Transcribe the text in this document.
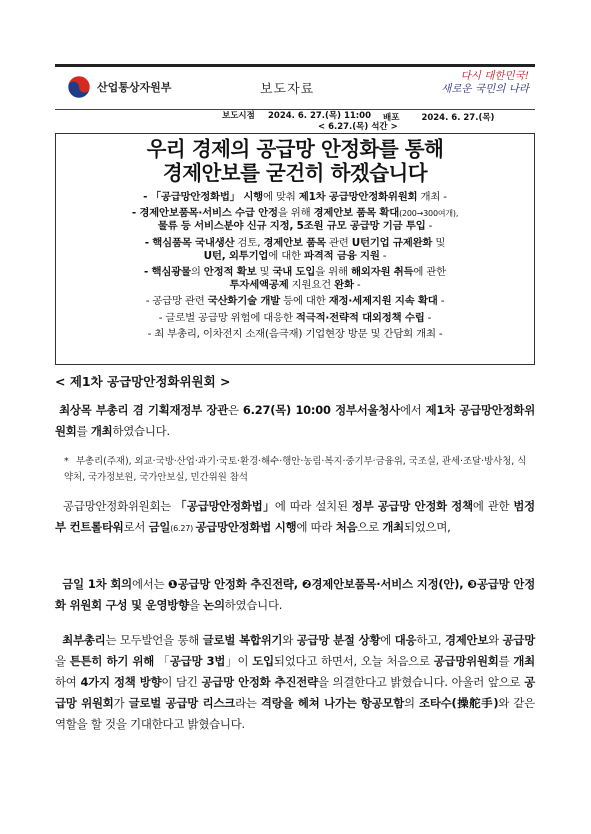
산업통상자원부	보도자료
다시 대한민국!
새로운 국민의 나라
보도시점 2024. 6. 27.(목) 11:00
< 6.27.(목) 석간 >
배포	2024. 6. 27.(목)
우리 경제의 공급망 안정화를 통해
경제안보를 굳건히 하겠습니다
- 「공급망안정화법」 시행에 맞춰 제1차 공급망안정화위원회 개최 -
- 경제안보품목·서비스 수급 안정을 위해 경제안보 품목 확대(200→300여개),
물류 등 서비스분야 신규 지정, 5조원 규모 공급망 기금 투입 -
- 핵심품목 국내생산 검토, 경제안보 품목 관련 U턴기업 규제완화 및
U턴, 외투기업에 대한 파격적 금융 지원 -
- 핵심광물의 안정적 확보 및 국내 도입을 위해 해외자원 취득에 관한
투자세액공제 지원요건 완화 -
- 공급망 관련 국산화기술 개발 등에 대한 재정·세제지원 지속 확대 -
- 글로벌 공급망 위험에 대응한 적극적·전략적 대외정책 수립 -
- 최 부총리, 이차전지 소재(음극재) 기업현장 방문 및 간담회 개최 -
< 제1차 공급망안정화위원회 >
최상목 부총리 겸 기획재정부 장관은 6.27(목) 10:00 정부서울청사에서 제1차 공급망안정화위원회를 개최하였습니다.
* 부총리(주재), 외교·국방·산업·과기·국토·환경·해수·행안·농림·복지·중기부·금융위, 국조실, 관세·조달·방사청, 식약처, 국가정보원, 국가안보실, 민간위원 참석
공급망안정화위원회는 「공급망안정화법」에 따라 설치된 정부 공급망 안정화 정책에 관한 범정부 컨트롤타워로서 금일(6.27) 공급망안정화법 시행에 따라 처음으로 개최되었으며,
금일 1차 회의에서는 ❶공급망 안정화 추진전략, ❷경제안보품목·서비스 지정(안), ❸공급망 안정화 위원회 구성 및 운영방향을 논의하였습니다.
최부총리는 모두발언을 통해 글로벌 복합위기와 공급망 분절 상황에 대응하고, 경제안보와 공급망을 튼튼히 하기 위해 「공급망 3법」이 도입되었다고 하면서, 오늘 처음으로 공급망위원회를 개최하여 4가지 정책 방향이 담긴 공급망 안정화 추진전략을 의결한다고 밝혔습니다. 아울러 앞으로 공급망 위원회가 글로벌 공급망 리스크라는 격랑을 헤쳐 나가는 항공모함의 조타수(操舵手)와 같은 역할을 할 것을 기대한다고 밝혔습니다.
